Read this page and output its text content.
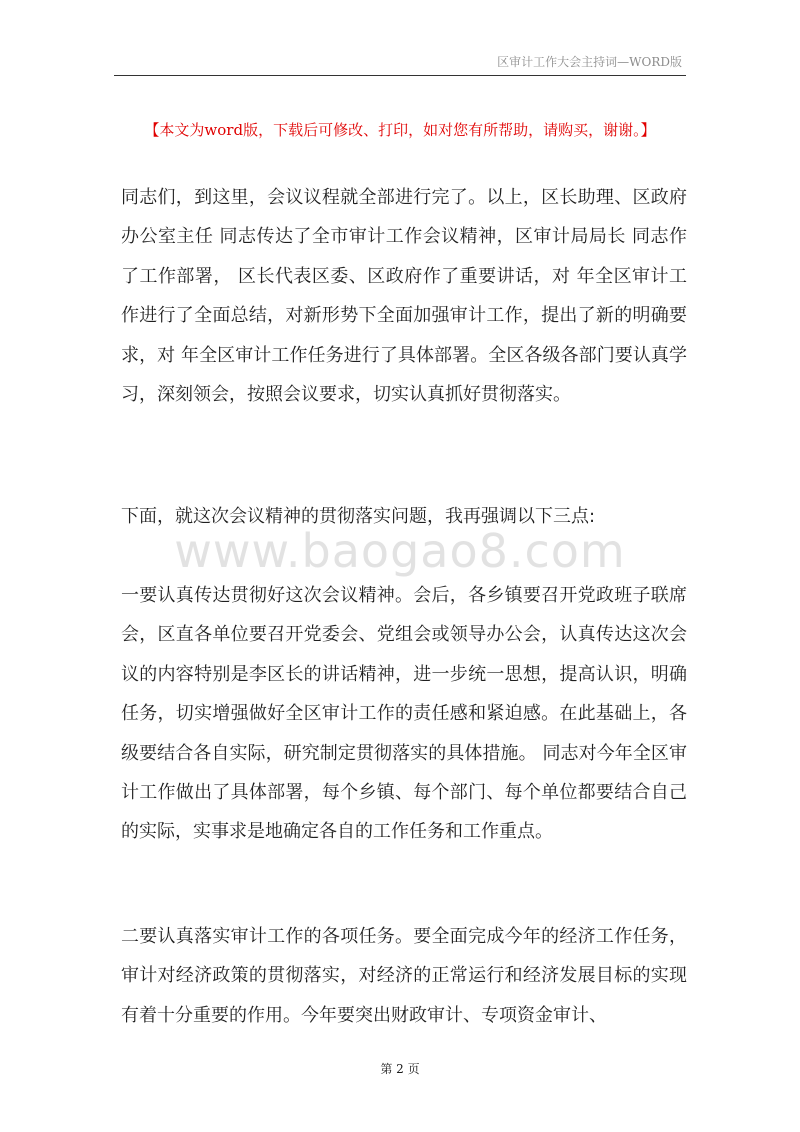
区审计工作大会主持词—WORD版
【本文为word版，下载后可修改、打印，如对您有所帮助，请购买，谢谢。】

同志们，到这里，会议议程就全部进行完了。以上，区长助理、区政府办公室主任 同志传达了全市审计工作会议精神，区审计局局长 同志作了工作部署， 区长代表区委、区政府作了重要讲话，对 年全区审计工作进行了全面总结，对新形势下全面加强审计工作，提出了新的明确要求，对 年全区审计工作任务进行了具体部署。全区各级各部门要认真学习，深刻领会，按照会议要求，切实认真抓好贯彻落实。

下面，就这次会议精神的贯彻落实问题，我再强调以下三点:

www.baogao8.com

一要认真传达贯彻好这次会议精神。会后，各乡镇要召开党政班子联席会，区直各单位要召开党委会、党组会或领导办公会，认真传达这次会议的内容特别是李区长的讲话精神，进一步统一思想，提高认识，明确任务，切实增强做好全区审计工作的责任感和紧迫感。在此基础上，各级要结合各自实际，研究制定贯彻落实的具体措施。 同志对今年全区审计工作做出了具体部署，每个乡镇、每个部门、每个单位都要结合自己的实际，实事求是地确定各自的工作任务和工作重点。

二要认真落实审计工作的各项任务。要全面完成今年的经济工作任务，审计对经济政策的贯彻落实，对经济的正常运行和经济发展目标的实现有着十分重要的作用。今年要突出财政审计、专项资金审计、

第 2 页
